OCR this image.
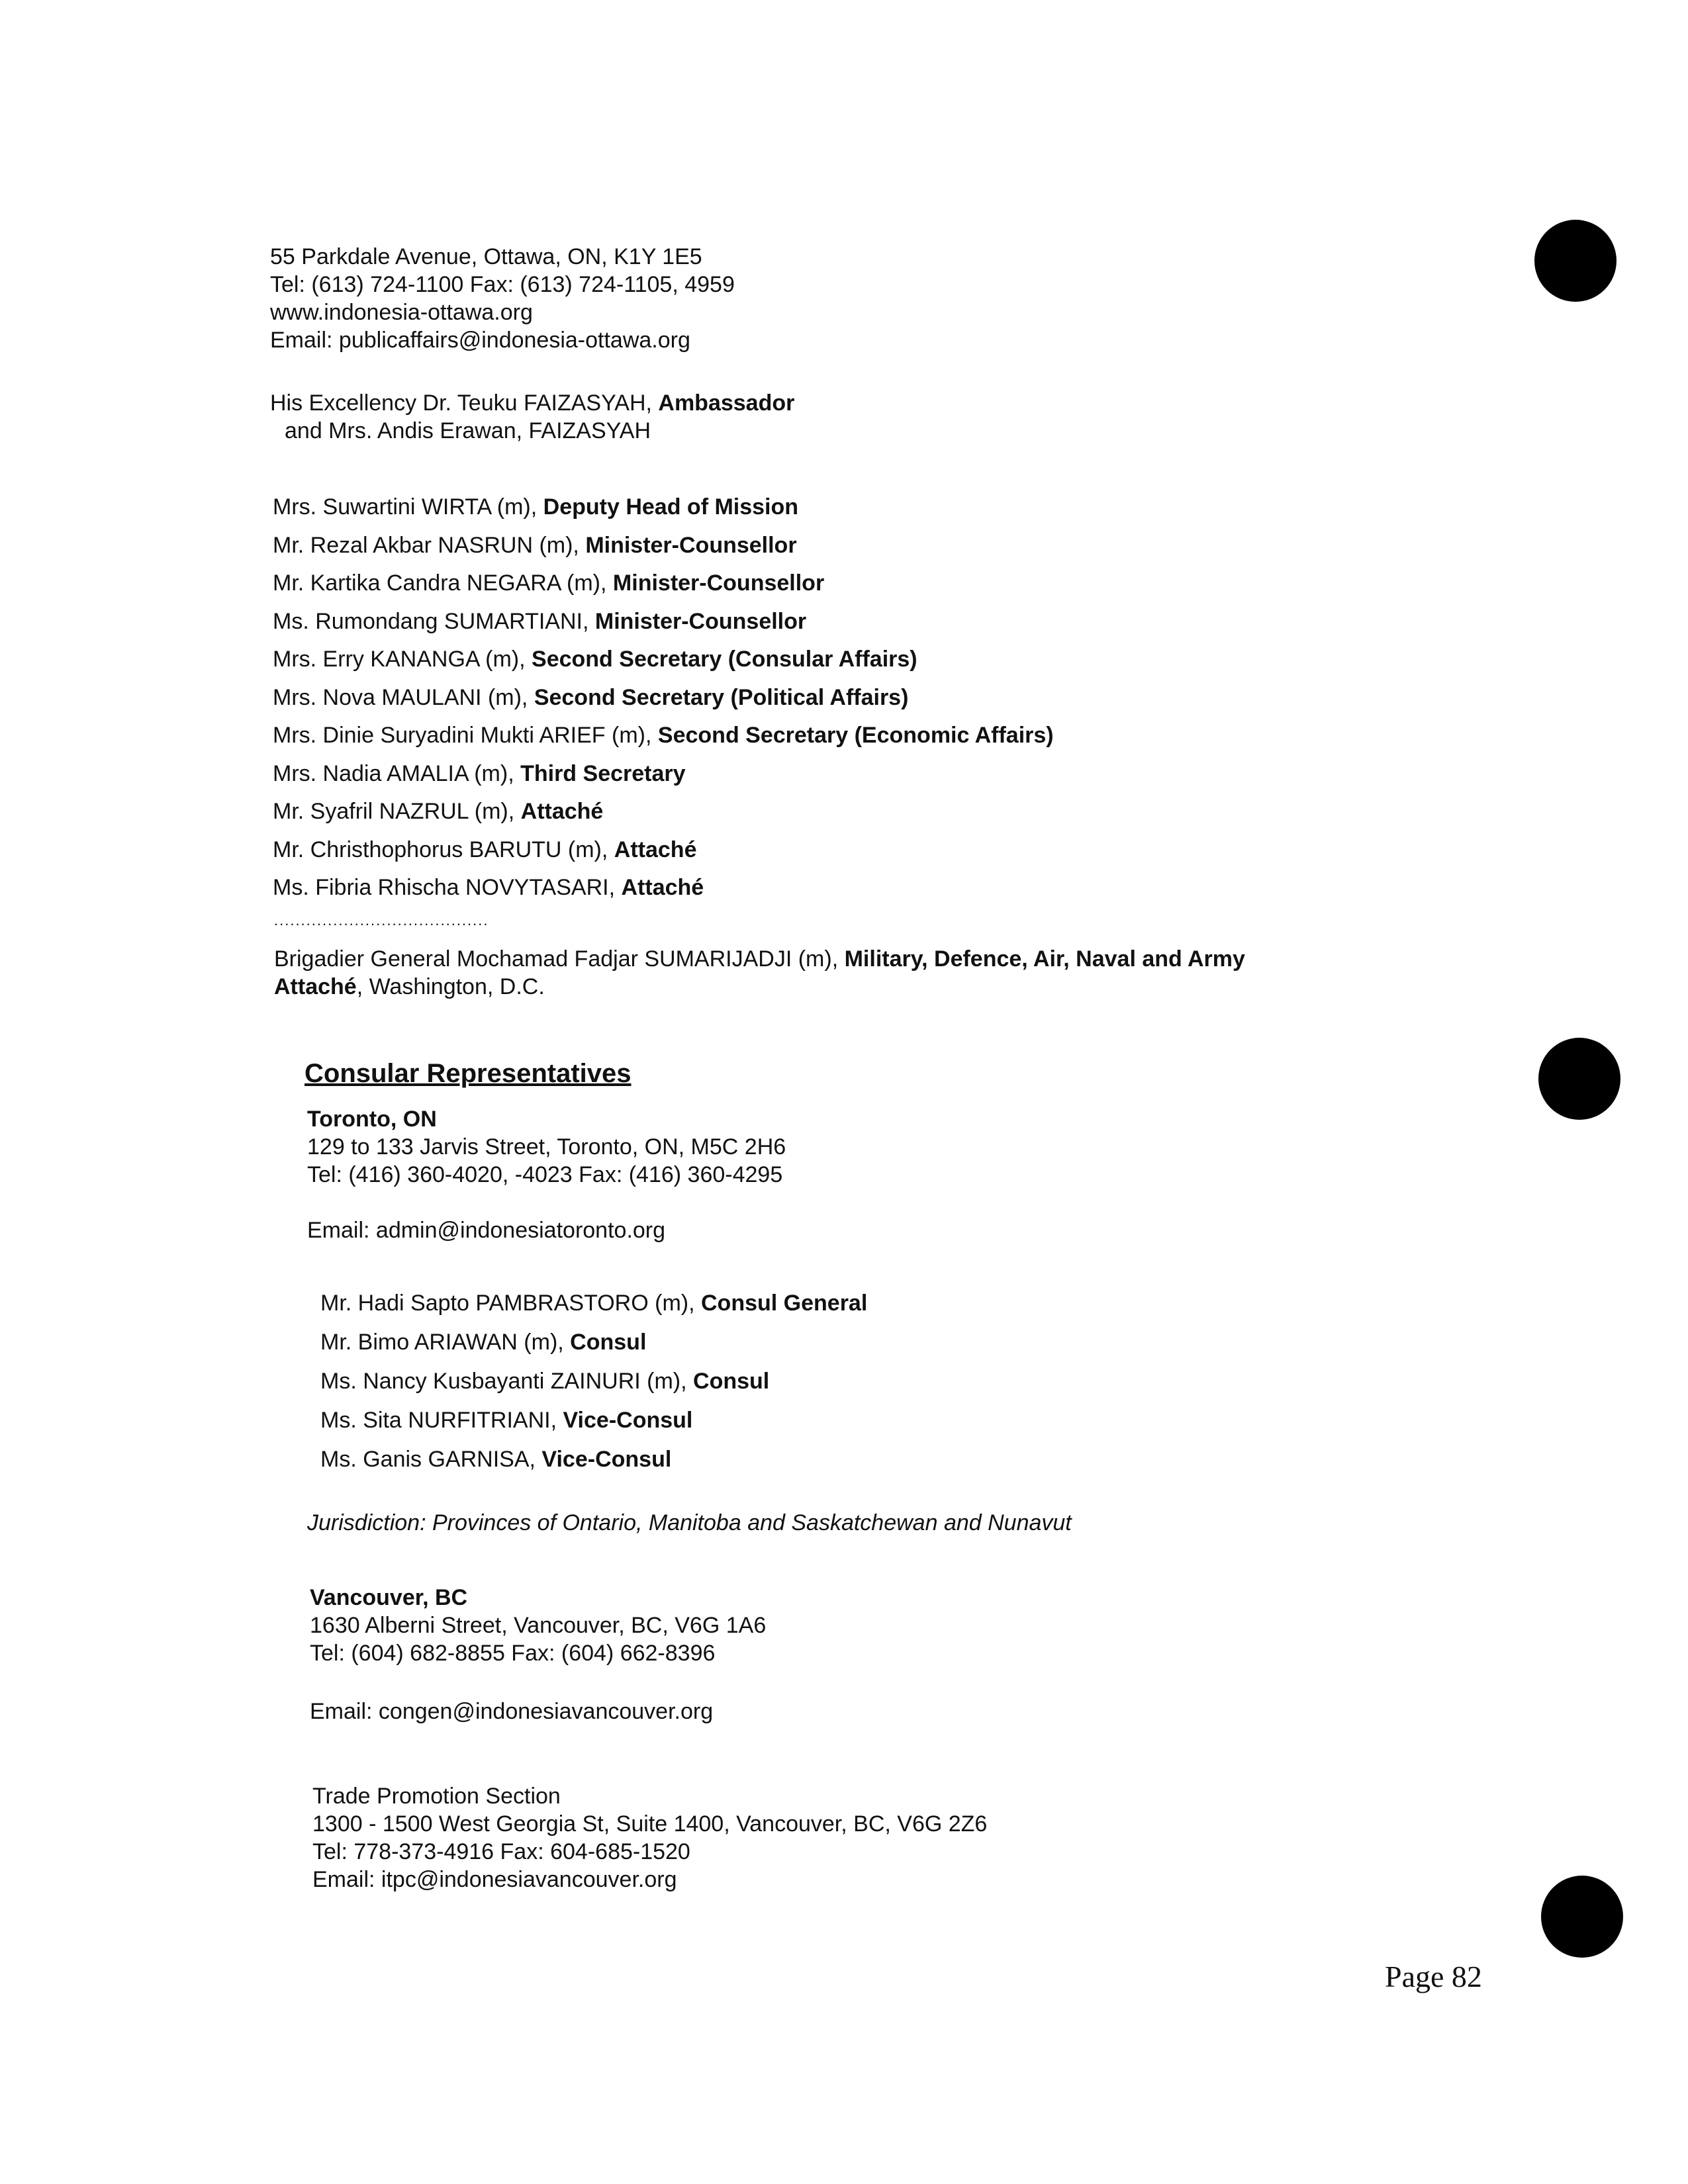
55 Parkdale Avenue, Ottawa, ON, K1Y 1E5
Tel: (613) 724-1100 Fax: (613) 724-1105, 4959
www.indonesia-ottawa.org
Email: publicaffairs@indonesia-ottawa.org
His Excellency Dr. Teuku FAIZASYAH, Ambassador
and Mrs. Andis Erawan, FAIZASYAH
Mrs. Suwartini WIRTA (m), Deputy Head of Mission
Mr. Rezal Akbar NASRUN (m), Minister-Counsellor
Mr. Kartika Candra NEGARA (m), Minister-Counsellor
Ms. Rumondang SUMARTIANI, Minister-Counsellor
Mrs. Erry KANANGA (m), Second Secretary (Consular Affairs)
Mrs. Nova MAULANI (m), Second Secretary (Political Affairs)
Mrs. Dinie Suryadini Mukti ARIEF (m), Second Secretary (Economic Affairs)
Mrs. Nadia AMALIA (m), Third Secretary
Mr. Syafril NAZRUL (m), Attaché
Mr. Christhophorus BARUTU (m), Attaché
Ms. Fibria Rhischa NOVYTASARI, Attaché
........................................
Brigadier General Mochamad Fadjar SUMARIJADJI (m), Military, Defence, Air, Naval and Army
Attaché, Washington, D.C.
Consular Representatives
Toronto, ON
129 to 133 Jarvis Street, Toronto, ON, M5C 2H6
Tel: (416) 360-4020, -4023 Fax: (416) 360-4295
Email: admin@indonesiatoronto.org
Mr. Hadi Sapto PAMBRASTORO (m), Consul General
Mr. Bimo ARIAWAN (m), Consul
Ms. Nancy Kusbayanti ZAINURI (m), Consul
Ms. Sita NURFITRIANI, Vice-Consul
Ms. Ganis GARNISA, Vice-Consul
Jurisdiction: Provinces of Ontario, Manitoba and Saskatchewan and Nunavut
Vancouver, BC
1630 Alberni Street, Vancouver, BC, V6G 1A6
Tel: (604) 682-8855 Fax: (604) 662-8396
Email: congen@indonesiavancouver.org
Trade Promotion Section
1300 - 1500 West Georgia St, Suite 1400, Vancouver, BC, V6G 2Z6
Tel: 778-373-4916 Fax: 604-685-1520
Email: itpc@indonesiavancouver.org
Page 82
